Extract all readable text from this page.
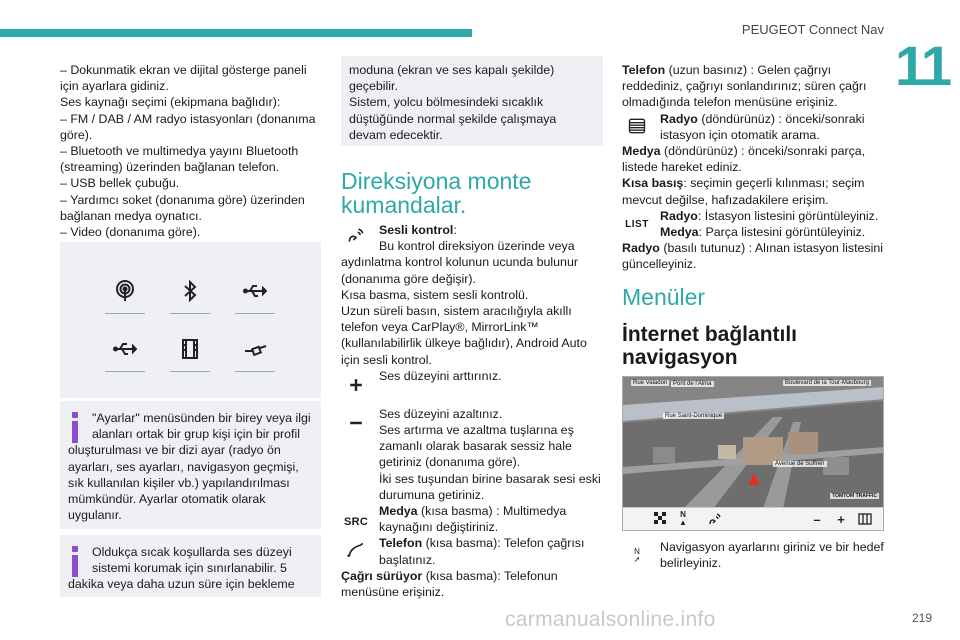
PEUGEOT Connect Nav
11
– Dokunmatik ekran ve dijital gösterge paneli için ayarlara gidiniz.
Ses kaynağı seçimi (ekipmana bağlıdır):
– FM / DAB / AM radyo istasyonları (donanıma göre).
– Bluetooth ve multimedya yayını Bluetooth (streaming) üzerinden bağlanan telefon.
– USB bellek çubuğu.
– Yardımcı soket (donanıma göre) üzerinden bağlanan medya oynatıcı.
– Video (donanıma göre).
"Ayarlar" menüsünden bir birey veya ilgi alanları ortak bir grup kişi için bir profil oluşturulması ve bir dizi ayar (radyo ön ayarları, ses ayarları, navigasyon geçmişi, sık kullanılan kişiler vb.) yapılandırılması mümkündür. Ayarlar otomatik olarak uygulanır.
Oldukça sıcak koşullarda ses düzeyi sistemi korumak için sınırlanabilir. 5 dakika veya daha uzun süre için bekleme
moduna (ekran ve ses kapalı şekilde) geçebilir.
Sistem, yolcu bölmesindeki sıcaklık düştüğünde normal şekilde çalışmaya devam edecektir.
Direksiyona monte kumandalar.
Sesli kontrol:
Bu kontrol direksiyon üzerinde veya aydınlatma kontrol kolunun ucunda bulunur (donanıma göre değişir).
Kısa basma, sistem sesli kontrolü.
Uzun süreli basın, sistem aracılığıyla akıllı telefon veya CarPlay®, MirrorLink™ (kullanılabilirlik ülkeye bağlıdır), Android Auto için sesli kontrol.
Ses düzeyini arttırınız.
Ses düzeyini azaltınız.
Ses artırma ve azaltma tuşlarına eş zamanlı olarak basarak sessiz hale getiriniz (donanıma göre).
İki ses tuşundan birine basarak sesi eski durumuna getiriniz.
SRC
Medya (kısa basma) : Multimedya kaynağını değiştiriniz.
Telefon (kısa basma): Telefon çağrısı başlatınız.
Çağrı sürüyor (kısa basma): Telefonun menüsüne erişiniz.
Telefon (uzun basınız) : Gelen çağrıyı reddediniz, çağrıyı sonlandırınız; süren çağrı olmadığında telefon menüsüne erişiniz.
Radyo (döndürünüz) : önceki/sonraki istasyon için otomatik arama.
Medya (döndürünüz) : önceki/sonraki parça, listede hareket ediniz.
Kısa basış: seçimin geçerli kılınması; seçim mevcut değilse, hafızadakilere erişim.
LIST
Radyo: İstasyon listesini görüntüleyiniz.
Medya: Parça listesini görüntüleyiniz.
Radyo (basılı tutunuz) : Alınan istasyon listesini güncelleyiniz.
Menüler
İnternet bağlantılı navigasyon
Rue Valadon Pont de l'Alma	Boulevard de la Tour-Maubourg
Rue Saint-Dominique
Avenue de Suffren
TOMTOM TRAFFIC
N
▲	–	+
N
➚
Navigasyon ayarlarını giriniz ve bir hedef belirleyiniz.
carmanualsonline.info	219
